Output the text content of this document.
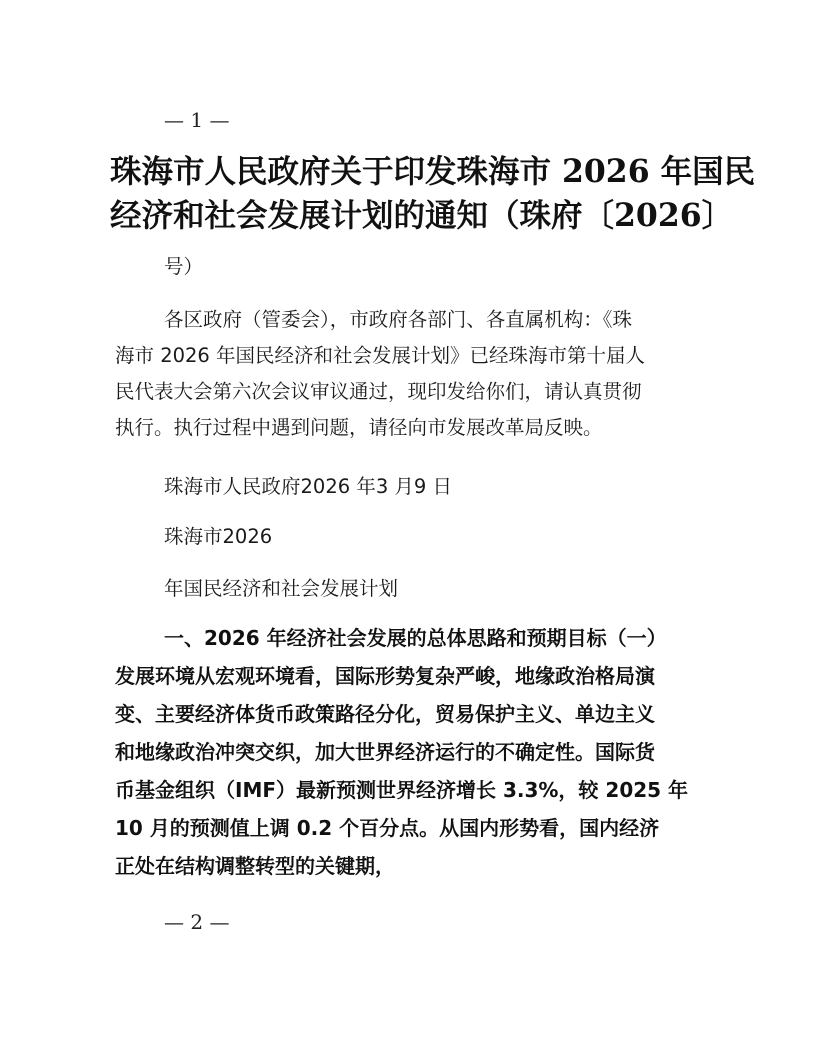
— 1 —
珠海市人民政府关于印发珠海市 2026 年国民
经济和社会发展计划的通知（珠府〔2026〕
号）
各区政府（管委会），市政府各部门、各直属机构：《珠
海市 2026 年国民经济和社会发展计划》已经珠海市第十届人
民代表大会第六次会议审议通过，现印发给你们，请认真贯彻
执行。执行过程中遇到问题，请径向市发展改革局反映。
珠海市人民政府2026 年3 月9 日
珠海市2026
年国民经济和社会发展计划
一、2026 年经济社会发展的总体思路和预期目标（一）
发展环境从宏观环境看，国际形势复杂严峻，地缘政治格局演
变、主要经济体货币政策路径分化，贸易保护主义、单边主义
和地缘政治冲突交织，加大世界经济运行的不确定性。国际货
币基金组织（IMF）最新预测世界经济增长 3.3%，较 2025 年
10 月的预测值上调 0.2 个百分点。从国内形势看，国内经济
正处在结构调整转型的关键期，
— 2 —
